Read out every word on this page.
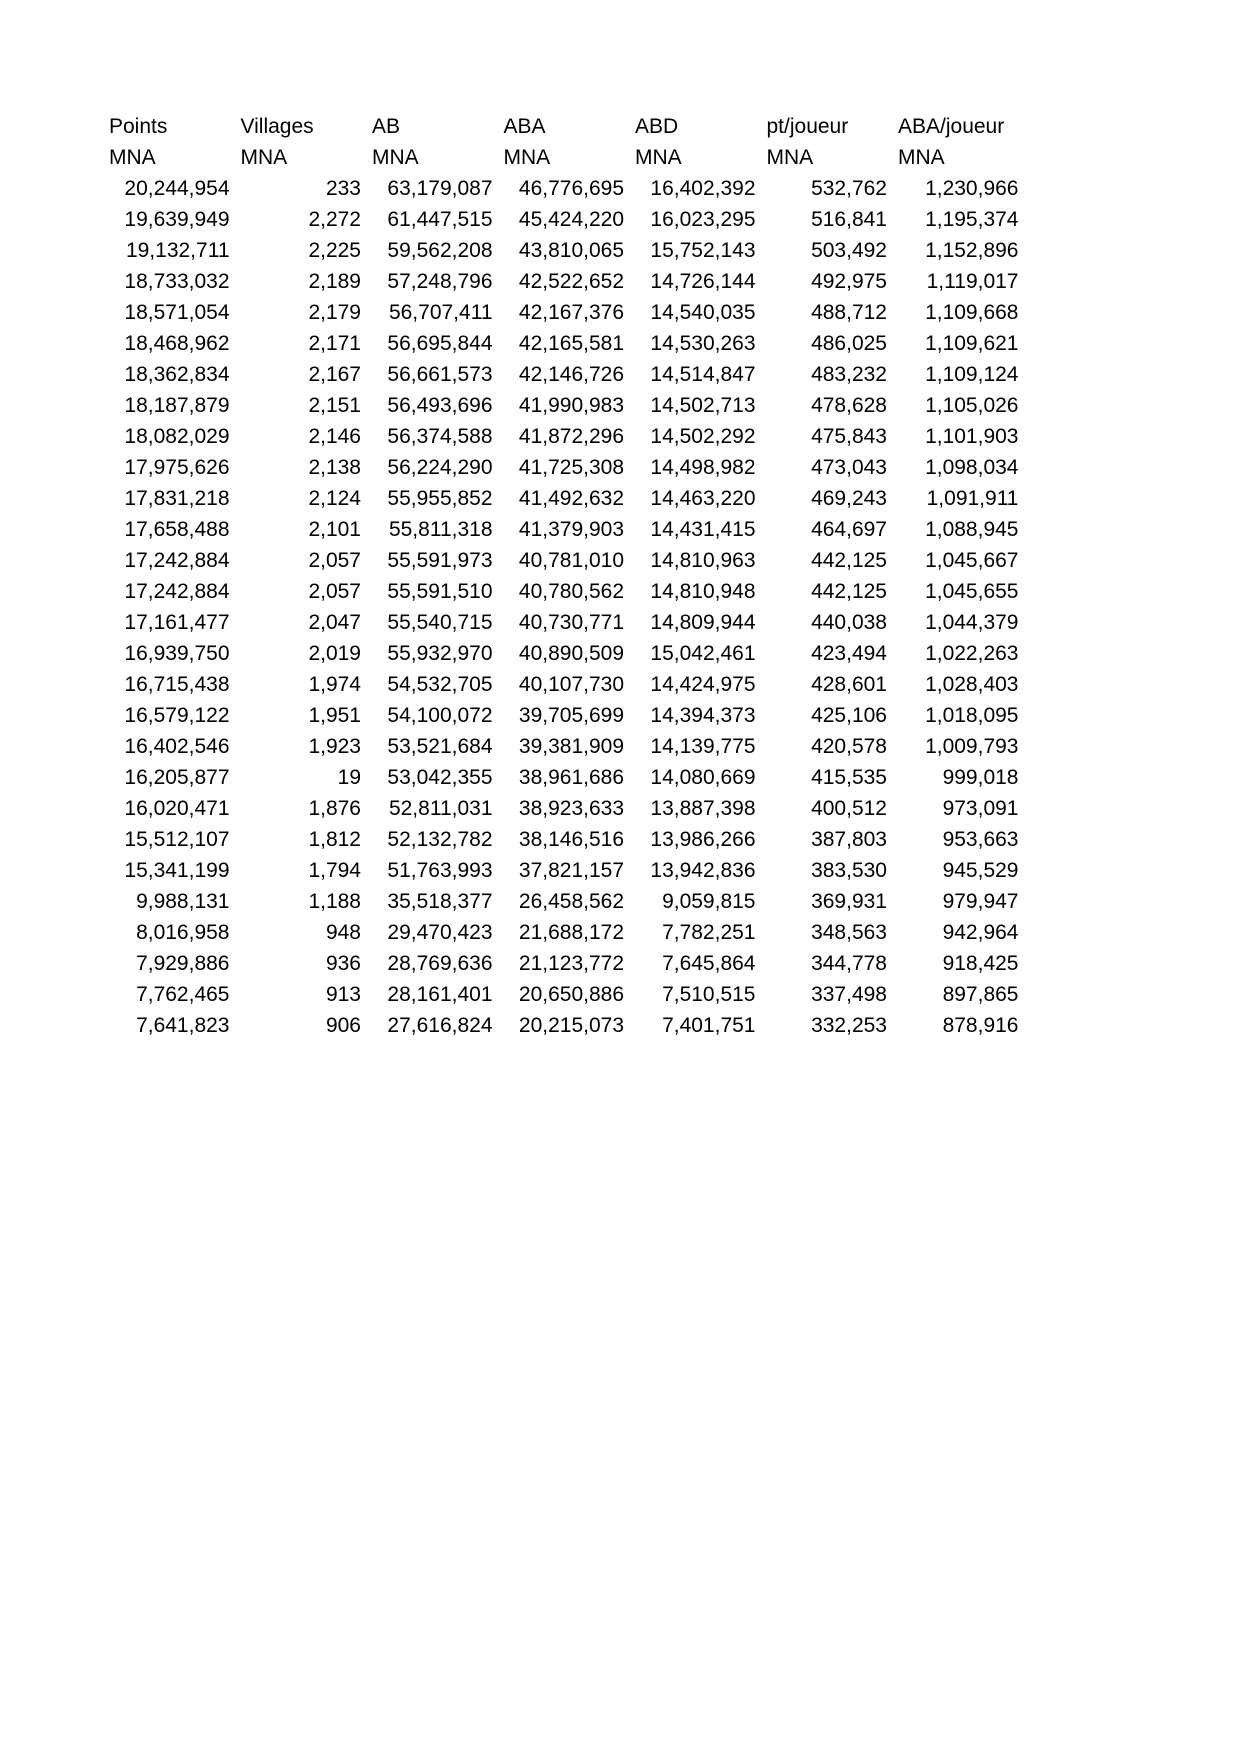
Points	Villages	AB	ABA	ABD	pt/joueur	ABA/joueur
MNA	MNA	MNA	MNA	MNA	MNA	MNA
20,244,954	233	63,179,087	46,776,695	16,402,392	532,762	1,230,966
19,639,949	2,272	61,447,515	45,424,220	16,023,295	516,841	1,195,374
19,132,711	2,225	59,562,208	43,810,065	15,752,143	503,492	1,152,896
18,733,032	2,189	57,248,796	42,522,652	14,726,144	492,975	1,119,017
18,571,054	2,179	56,707,411	42,167,376	14,540,035	488,712	1,109,668
18,468,962	2,171	56,695,844	42,165,581	14,530,263	486,025	1,109,621
18,362,834	2,167	56,661,573	42,146,726	14,514,847	483,232	1,109,124
18,187,879	2,151	56,493,696	41,990,983	14,502,713	478,628	1,105,026
18,082,029	2,146	56,374,588	41,872,296	14,502,292	475,843	1,101,903
17,975,626	2,138	56,224,290	41,725,308	14,498,982	473,043	1,098,034
17,831,218	2,124	55,955,852	41,492,632	14,463,220	469,243	1,091,911
17,658,488	2,101	55,811,318	41,379,903	14,431,415	464,697	1,088,945
17,242,884	2,057	55,591,973	40,781,010	14,810,963	442,125	1,045,667
17,242,884	2,057	55,591,510	40,780,562	14,810,948	442,125	1,045,655
17,161,477	2,047	55,540,715	40,730,771	14,809,944	440,038	1,044,379
16,939,750	2,019	55,932,970	40,890,509	15,042,461	423,494	1,022,263
16,715,438	1,974	54,532,705	40,107,730	14,424,975	428,601	1,028,403
16,579,122	1,951	54,100,072	39,705,699	14,394,373	425,106	1,018,095
16,402,546	1,923	53,521,684	39,381,909	14,139,775	420,578	1,009,793
16,205,877	19	53,042,355	38,961,686	14,080,669	415,535	999,018
16,020,471	1,876	52,811,031	38,923,633	13,887,398	400,512	973,091
15,512,107	1,812	52,132,782	38,146,516	13,986,266	387,803	953,663
15,341,199	1,794	51,763,993	37,821,157	13,942,836	383,530	945,529
9,988,131	1,188	35,518,377	26,458,562	9,059,815	369,931	979,947
8,016,958	948	29,470,423	21,688,172	7,782,251	348,563	942,964
7,929,886	936	28,769,636	21,123,772	7,645,864	344,778	918,425
7,762,465	913	28,161,401	20,650,886	7,510,515	337,498	897,865
7,641,823	906	27,616,824	20,215,073	7,401,751	332,253	878,916
